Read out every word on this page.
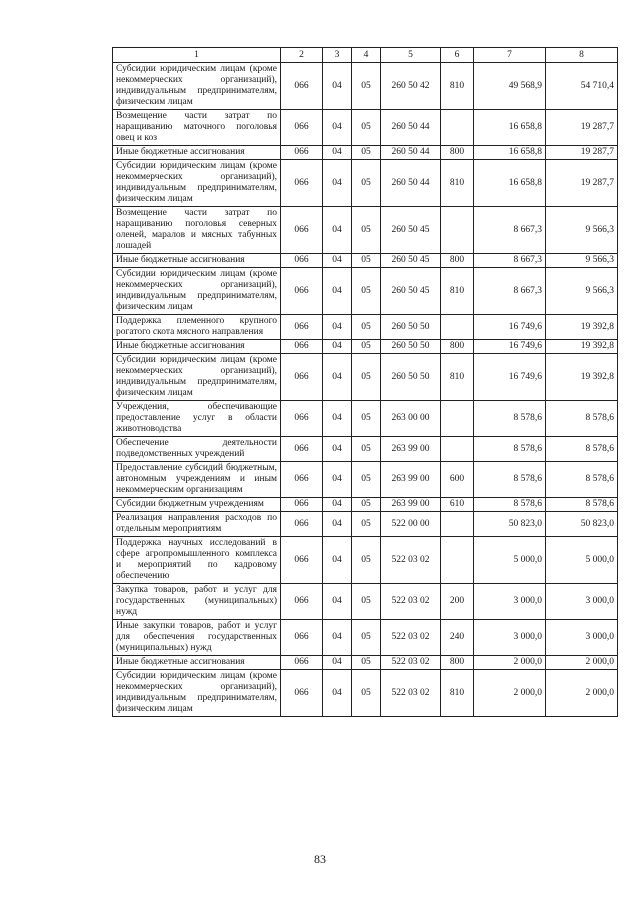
1	2	3	4	5	6	7	8
Субсидии юридическим лицам (кроме некоммерческих организаций), индивидуальным предпринимателям, физическим лицам	066	04	05	260 50 42	810	49 568,9	54 710,4
Возмещение части затрат по наращиванию маточного поголовья овец и коз	066	04	05	260 50 44		16 658,8	19 287,7
Иные бюджетные ассигнования	066	04	05	260 50 44	800	16 658,8	19 287,7
Субсидии юридическим лицам (кроме некоммерческих организаций), индивидуальным предпринимателям, физическим лицам	066	04	05	260 50 44	810	16 658,8	19 287,7
Возмещение части затрат по наращиванию поголовья северных оленей, маралов и мясных табунных лошадей	066	04	05	260 50 45		8 667,3	9 566,3
Иные бюджетные ассигнования	066	04	05	260 50 45	800	8 667,3	9 566,3
Субсидии юридическим лицам (кроме некоммерческих организаций), индивидуальным предпринимателям, физическим лицам	066	04	05	260 50 45	810	8 667,3	9 566,3
Поддержка племенного крупного рогатого скота мясного направления	066	04	05	260 50 50		16 749,6	19 392,8
Иные бюджетные ассигнования	066	04	05	260 50 50	800	16 749,6	19 392,8
Субсидии юридическим лицам (кроме некоммерческих организаций), индивидуальным предпринимателям, физическим лицам	066	04	05	260 50 50	810	16 749,6	19 392,8
Учреждения, обеспечивающие предоставление услуг в области животноводства	066	04	05	263 00 00		8 578,6	8 578,6
Обеспечение деятельности подведомственных учреждений	066	04	05	263 99 00		8 578,6	8 578,6
Предоставление субсидий бюджетным, автономным учреждениям и иным некоммерческим организациям	066	04	05	263 99 00	600	8 578,6	8 578,6
Субсидии бюджетным учреждениям	066	04	05	263 99 00	610	8 578,6	8 578,6
Реализация направления расходов по отдельным мероприятиям	066	04	05	522 00 00		50 823,0	50 823,0
Поддержка научных исследований в сфере агропромышленного комплекса и мероприятий по кадровому обеспечению	066	04	05	522 03 02		5 000,0	5 000,0
Закупка товаров, работ и услуг для государственных (муниципальных) нужд	066	04	05	522 03 02	200	3 000,0	3 000,0
Иные закупки товаров, работ и услуг для обеспечения государственных (муниципальных) нужд	066	04	05	522 03 02	240	3 000,0	3 000,0
Иные бюджетные ассигнования	066	04	05	522 03 02	800	2 000,0	2 000,0
Субсидии юридическим лицам (кроме некоммерческих организаций), индивидуальным предпринимателям, физическим лицам	066	04	05	522 03 02	810	2 000,0	2 000,0
83
